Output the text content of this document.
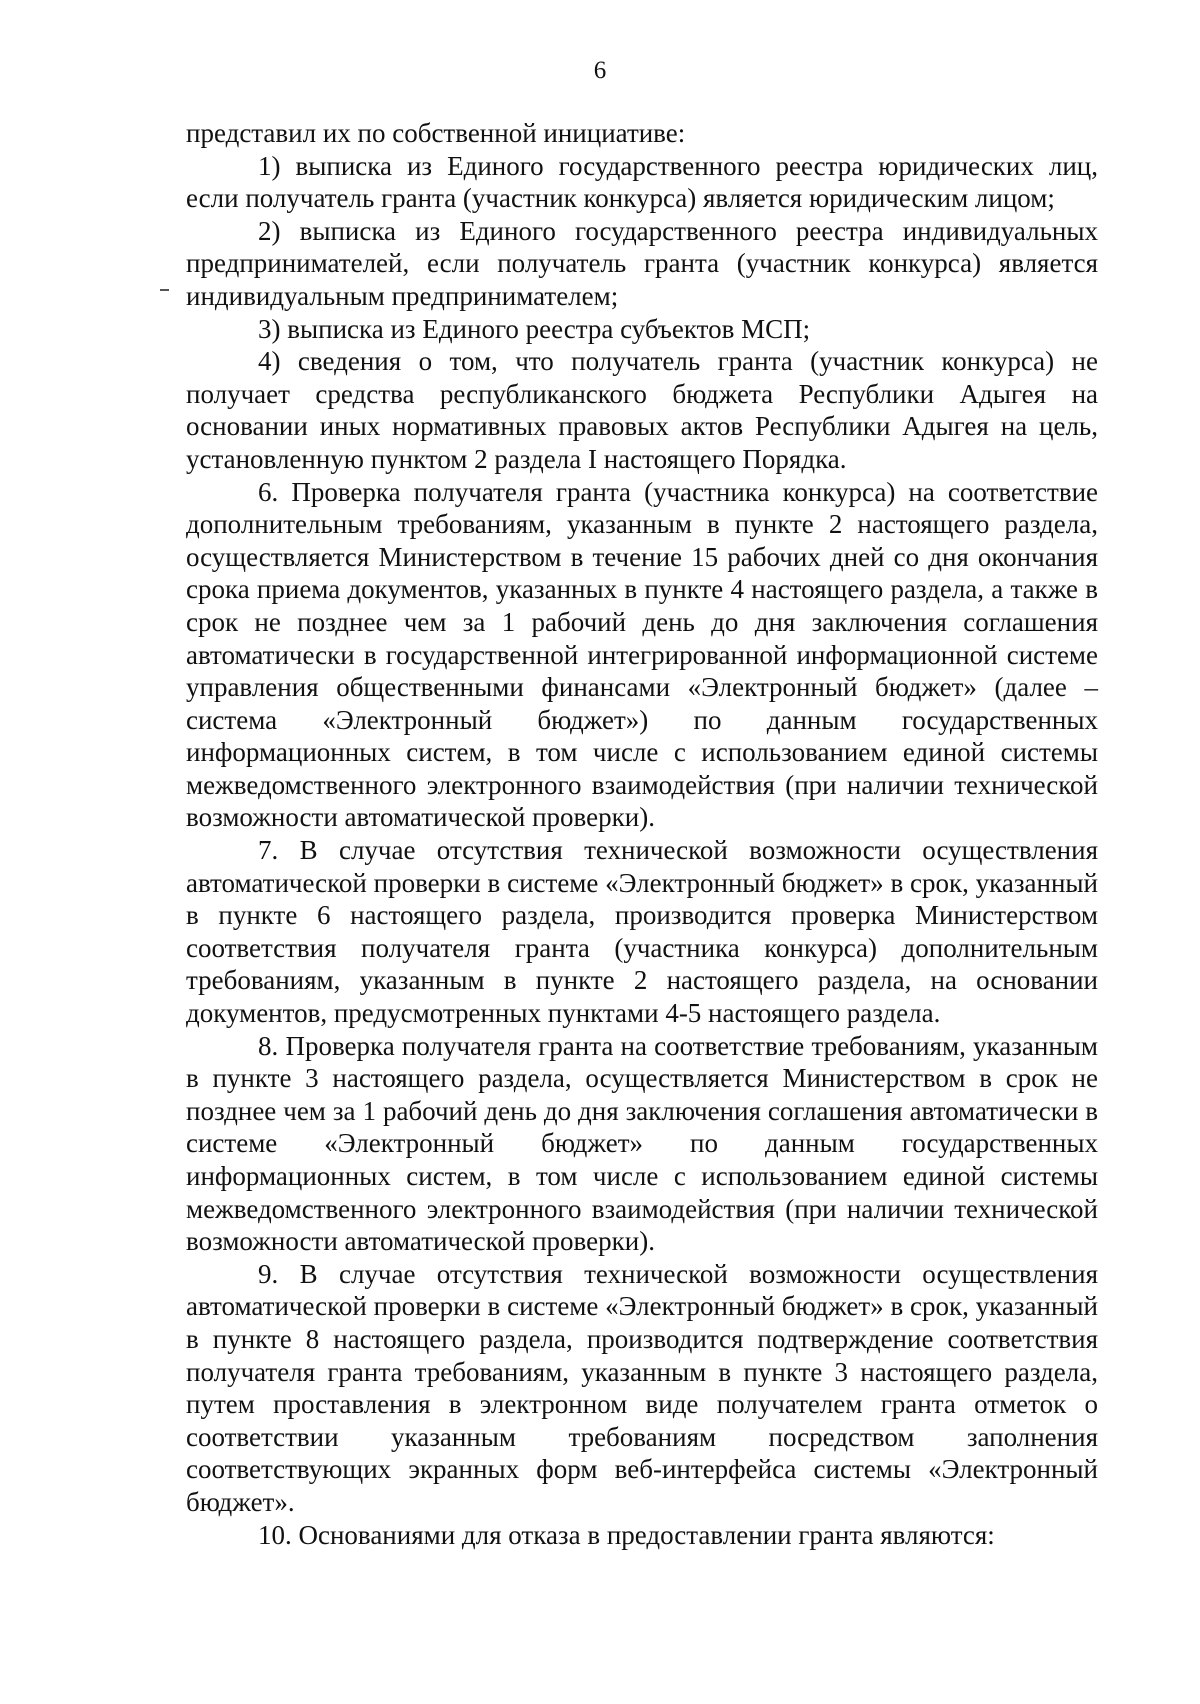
6

представил их по собственной инициативе:

1) выписка из Единого государственного реестра юридических лиц, если получатель гранта (участник конкурса) является юридическим лицом;

2) выписка из Единого государственного реестра индивидуальных предпринимателей, если получатель гранта (участник конкурса) является индивидуальным предпринимателем;

3) выписка из Единого реестра субъектов МСП;

4) сведения о том, что получатель гранта (участник конкурса) не получает средства республиканского бюджета Республики Адыгея на основании иных нормативных правовых актов Республики Адыгея на цель, установленную пунктом 2 раздела I настоящего Порядка.

6. Проверка получателя гранта (участника конкурса) на соответствие дополнительным требованиям, указанным в пункте 2 настоящего раздела, осуществляется Министерством в течение 15 рабочих дней со дня окончания срока приема документов, указанных в пункте 4 настоящего раздела, а также в срок не позднее чем за 1 рабочий день до дня заключения соглашения автоматически в государственной интегрированной информационной системе управления общественными финансами «Электронный бюджет» (далее – система «Электронный бюджет») по данным государственных информационных систем, в том числе с использованием единой системы межведомственного электронного взаимодействия (при наличии технической возможности автоматической проверки).

7. В случае отсутствия технической возможности осуществления автоматической проверки в системе «Электронный бюджет» в срок, указанный в пункте 6 настоящего раздела, производится проверка Министерством соответствия получателя гранта (участника конкурса) дополнительным требованиям, указанным в пункте 2 настоящего раздела, на основании документов, предусмотренных пунктами 4-5 настоящего раздела.

8. Проверка получателя гранта на соответствие требованиям, указанным в пункте 3 настоящего раздела, осуществляется Министерством в срок не позднее чем за 1 рабочий день до дня заключения соглашения автоматически в системе «Электронный бюджет» по данным государственных информационных систем, в том числе с использованием единой системы межведомственного электронного взаимодействия (при наличии технической возможности автоматической проверки).

9. В случае отсутствия технической возможности осуществления автоматической проверки в системе «Электронный бюджет» в срок, указанный в пункте 8 настоящего раздела, производится подтверждение соответствия получателя гранта требованиям, указанным в пункте 3 настоящего раздела, путем проставления в электронном виде получателем гранта отметок о соответствии указанным требованиям посредством заполнения соответствующих экранных форм веб-интерфейса системы «Электронный бюджет».

10. Основаниями для отказа в предоставлении гранта являются:
